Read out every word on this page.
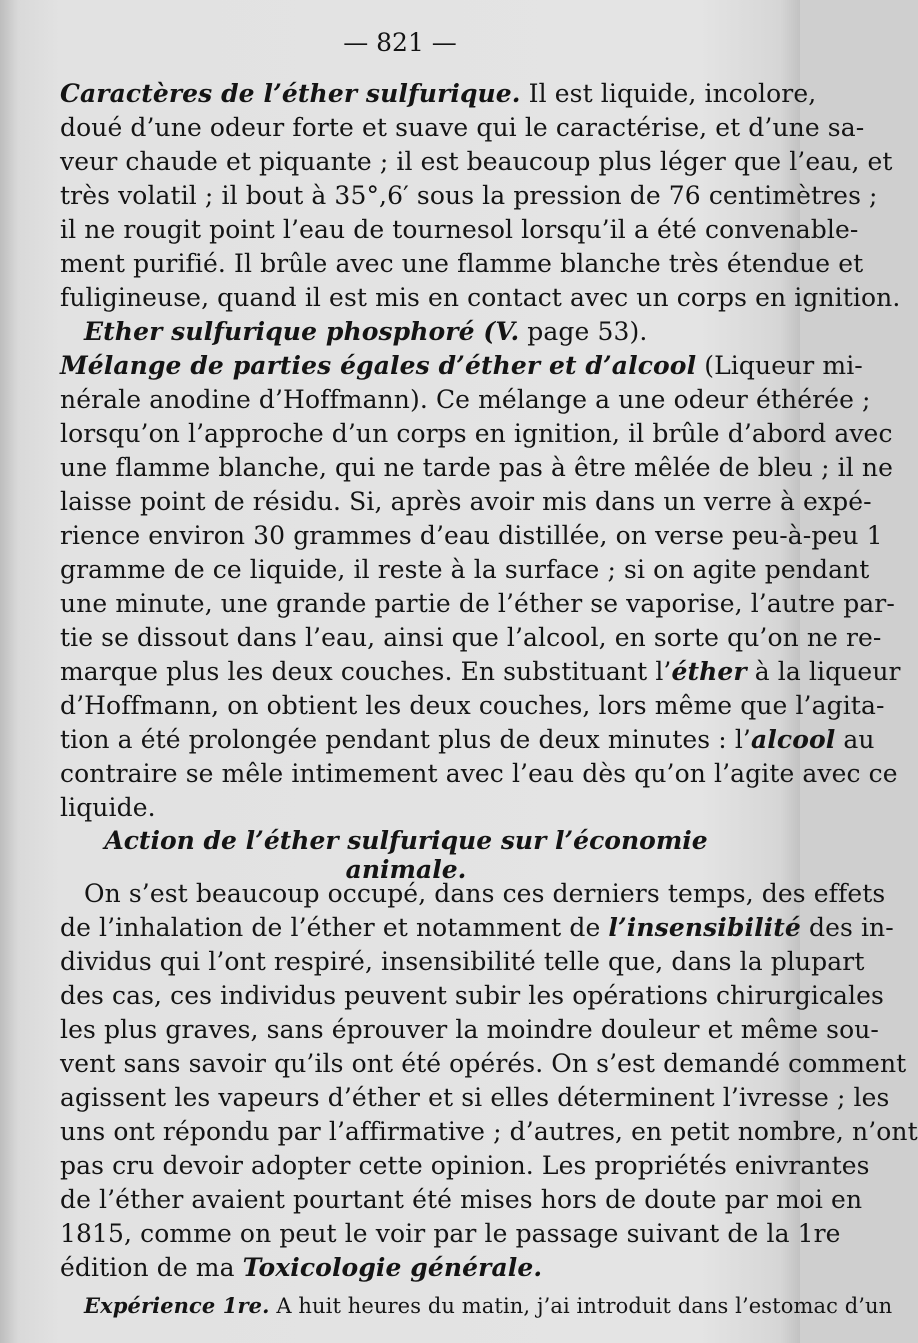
— 821 —
Caractères de l’éther sulfurique. Il est liquide, incolore,
doué d’une odeur forte et suave qui le caractérise, et d’une sa-
veur chaude et piquante ; il est beaucoup plus léger que l’eau, et
très volatil ; il bout à 35°,6′ sous la pression de 76 centimètres ;
il ne rougit point l’eau de tournesol lorsqu’il a été convenable-
ment purifié. Il brûle avec une flamme blanche très étendue et
fuligineuse, quand il est mis en contact avec un corps en ignition.
Ether sulfurique phosphoré (V. page 53).
Mélange de parties égales d’éther et d’alcool (Liqueur mi-
nérale anodine d’Hoffmann). Ce mélange a une odeur éthérée ;
lorsqu’on l’approche d’un corps en ignition, il brûle d’abord avec
une flamme blanche, qui ne tarde pas à être mêlée de bleu ; il ne
laisse point de résidu. Si, après avoir mis dans un verre à expé-
rience environ 30 grammes d’eau distillée, on verse peu-à-peu 1
gramme de ce liquide, il reste à la surface ; si on agite pendant
une minute, une grande partie de l’éther se vaporise, l’autre par-
tie se dissout dans l’eau, ainsi que l’alcool, en sorte qu’on ne re-
marque plus les deux couches. En substituant l’éther à la liqueur
d’Hoffmann, on obtient les deux couches, lors même que l’agita-
tion a été prolongée pendant plus de deux minutes : l’alcool au
contraire se mêle intimement avec l’eau dès qu’on l’agite avec ce
liquide.
Action de l’éther sulfurique sur l’économie animale.
On s’est beaucoup occupé, dans ces derniers temps, des effets
de l’inhalation de l’éther et notamment de l’insensibilité des in-
dividus qui l’ont respiré, insensibilité telle que, dans la plupart
des cas, ces individus peuvent subir les opérations chirurgicales
les plus graves, sans éprouver la moindre douleur et même sou-
vent sans savoir qu’ils ont été opérés. On s’est demandé comment
agissent les vapeurs d’éther et si elles déterminent l’ivresse ; les
uns ont répondu par l’affirmative ; d’autres, en petit nombre, n’ont
pas cru devoir adopter cette opinion. Les propriétés enivrantes
de l’éther avaient pourtant été mises hors de doute par moi en
1815, comme on peut le voir par le passage suivant de la 1re
édition de ma Toxicologie générale.
Expérience 1re. A huit heures du matin, j’ai introduit dans l’estomac d’un
